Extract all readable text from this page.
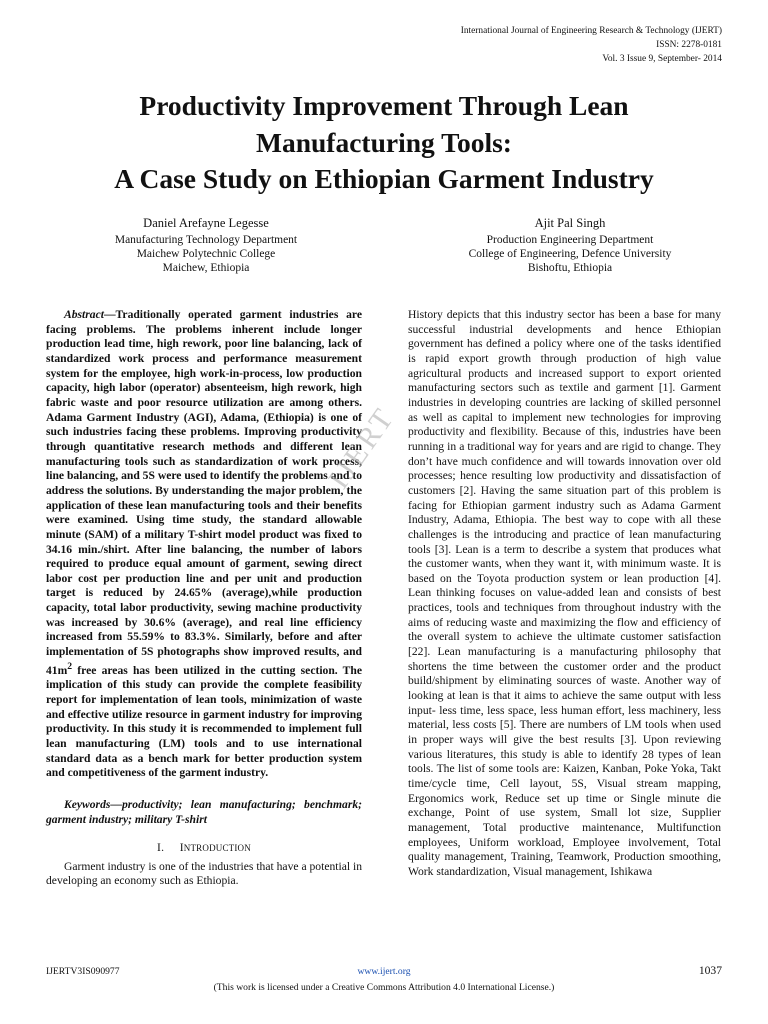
International Journal of Engineering Research & Technology (IJERT)
ISSN: 2278-0181
Vol. 3 Issue 9, September- 2014
Productivity Improvement Through Lean
Manufacturing Tools:
A Case Study on Ethiopian Garment Industry
Daniel Arefayne Legesse
Manufacturing Technology Department
Maichew Polytechnic College
Maichew, Ethiopia
Ajit Pal Singh
Production Engineering Department
College of Engineering, Defence University
Bishoftu, Ethiopia

Abstract—Traditionally operated garment industries are facing problems. The problems inherent include longer production lead time, high rework, poor line balancing, lack of standardized work process and performance measurement system for the employee, high work-in-process, low production capacity, high labor (operator) absenteeism, high rework, high fabric waste and poor resource utilization are among others. Adama Garment Industry (AGI), Adama, (Ethiopia) is one of such industries facing these problems. Improving productivity through quantitative research methods and different lean manufacturing tools such as standardization of work process, line balancing, and 5S were used to identify the problems and to address the solutions. By understanding the major problem, the application of these lean manufacturing tools and their benefits were examined. Using time study, the standard allowable minute (SAM) of a military T-shirt model product was fixed to 34.16 min./shirt. After line balancing, the number of labors required to produce equal amount of garment, sewing direct labor cost per production line and per unit and production target is reduced by 24.65% (average),while production capacity, total labor productivity, sewing machine productivity was increased by 30.6% (average), and real line efficiency increased from 55.59% to 83.3%. Similarly, before and after implementation of 5S photographs show improved results, and $41m^2$ free areas has been utilized in the cutting section. The implication of this study can provide the complete feasibility report for implementation of lean tools, minimization of waste and effective utilize resource in garment industry for improving productivity. In this study it is recommended to implement full lean manufacturing (LM) tools and to use international standard data as a bench mark for better production system and competitiveness of the garment industry.

Keywords—productivity; lean manufacturing; benchmark; garment industry; military T-shirt

I. INTRODUCTION

Garment industry is one of the industries that have a potential in developing an economy such as Ethiopia.

History depicts that this industry sector has been a base for many successful industrial developments and hence Ethiopian government has defined a policy where one of the tasks identified is rapid export growth through production of high value agricultural products and increased support to export oriented manufacturing sectors such as textile and garment [1]. Garment industries in developing countries are lacking of skilled personnel as well as capital to implement new technologies for improving productivity and flexibility. Because of this, industries have been running in a traditional way for years and are rigid to change. They don’t have much confidence and will towards innovation over old processes; hence resulting low productivity and dissatisfaction of customers [2]. Having the same situation part of this problem is facing for Ethiopian garment industry such as Adama Garment Industry, Adama, Ethiopia. The best way to cope with all these challenges is the introducing and practice of lean manufacturing tools [3]. Lean is a term to describe a system that produces what the customer wants, when they want it, with minimum waste. It is based on the Toyota production system or lean production [4]. Lean thinking focuses on value-added lean and consists of best practices, tools and techniques from throughout industry with the aims of reducing waste and maximizing the flow and efficiency of the overall system to achieve the ultimate customer satisfaction [22]. Lean manufacturing is a manufacturing philosophy that shortens the time between the customer order and the product build/shipment by eliminating sources of waste. Another way of looking at lean is that it aims to achieve the same output with less input- less time, less space, less human effort, less machinery, less material, less costs [5]. There are numbers of LM tools when used in proper ways will give the best results [3]. Upon reviewing various literatures, this study is able to identify 28 types of lean tools. The list of some tools are: Kaizen, Kanban, Poke Yoka, Takt time/cycle time, Cell layout, 5S, Visual stream mapping, Ergonomics work, Reduce set up time or Single minute die exchange, Point of use system, Small lot size, Supplier management, Total productive maintenance, Multifunction employees, Uniform workload, Employee involvement, Total quality management, Training, Teamwork, Production smoothing, Work standardization, Visual management, Ishikawa

IJERT
IJERTV3IS090977	www.ijert.org	1037
(This work is licensed under a Creative Commons Attribution 4.0 International License.)
